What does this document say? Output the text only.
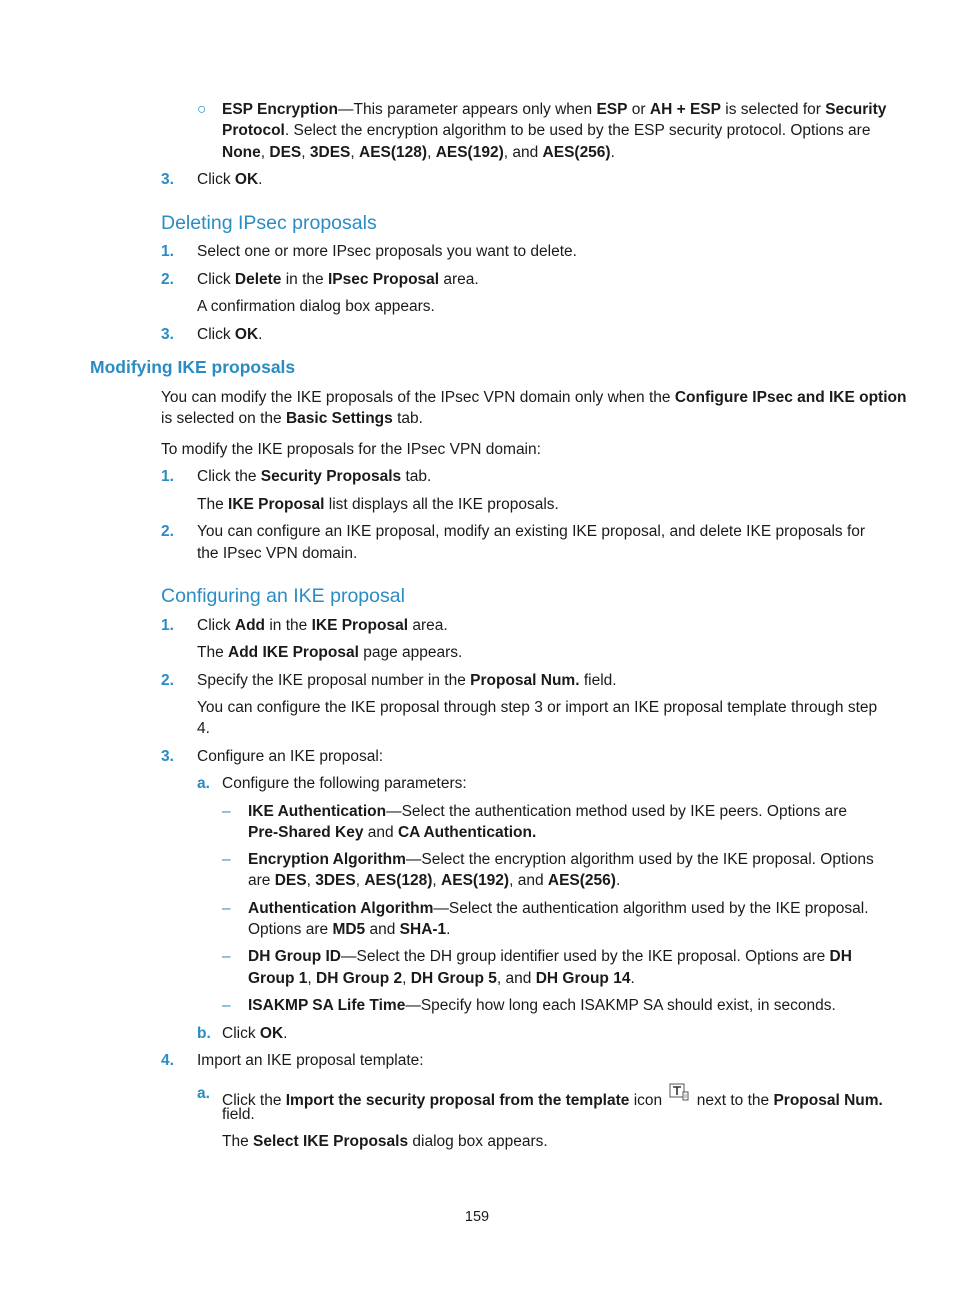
○ ESP Encryption—This parameter appears only when ESP or AH + ESP is selected for Security
Protocol. Select the encryption algorithm to be used by the ESP security protocol. Options are
None, DES, 3DES, AES(128), AES(192), and AES(256).
3. Click OK.
Deleting IPsec proposals
1. Select one or more IPsec proposals you want to delete.
2. Click Delete in the IPsec Proposal area.
A confirmation dialog box appears.
3. Click OK.
Modifying IKE proposals
You can modify the IKE proposals of the IPsec VPN domain only when the Configure IPsec and IKE option
is selected on the Basic Settings tab.
To modify the IKE proposals for the IPsec VPN domain:
1. Click the Security Proposals tab.
The IKE Proposal list displays all the IKE proposals.
2. You can configure an IKE proposal, modify an existing IKE proposal, and delete IKE proposals for
the IPsec VPN domain.
Configuring an IKE proposal
1. Click Add in the IKE Proposal area.
The Add IKE Proposal page appears.
2. Specify the IKE proposal number in the Proposal Num. field.
You can configure the IKE proposal through step 3 or import an IKE proposal template through step
4.
3. Configure an IKE proposal:
a. Configure the following parameters:
– IKE Authentication—Select the authentication method used by IKE peers. Options are
Pre-Shared Key and CA Authentication.
– Encryption Algorithm—Select the encryption algorithm used by the IKE proposal. Options
are DES, 3DES, AES(128), AES(192), and AES(256).
– Authentication Algorithm—Select the authentication algorithm used by the IKE proposal.
Options are MD5 and SHA-1.
– DH Group ID—Select the DH group identifier used by the IKE proposal. Options are DH
Group 1, DH Group 2, DH Group 5, and DH Group 14.
– ISAKMP SA Life Time—Specify how long each ISAKMP SA should exist, in seconds.
b. Click OK.
4. Import an IKE proposal template:
a. Click the Import the security proposal from the template icon  next to the Proposal Num.
field.
The Select IKE Proposals dialog box appears.
159
